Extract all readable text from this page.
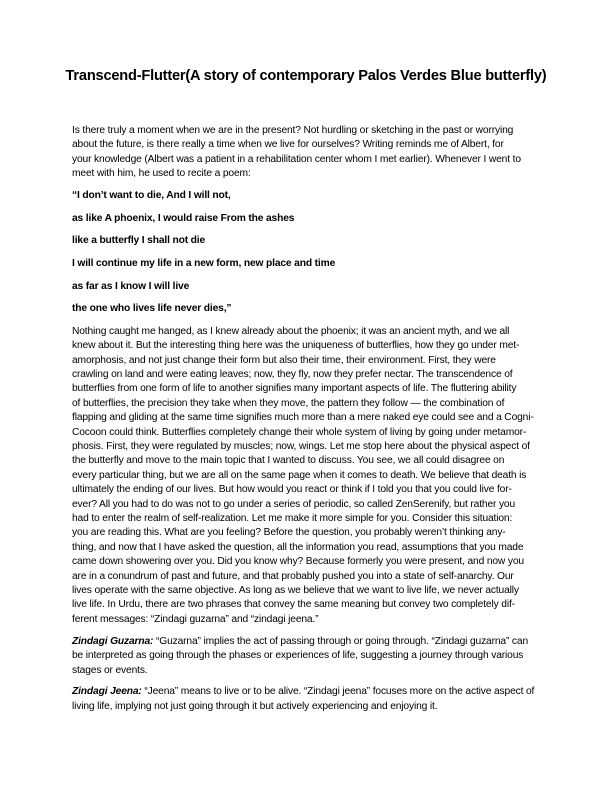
Transcend-Flutter(A story of contemporary Palos Verdes Blue butterfly)

Is there truly a moment when we are in the present? Not hurdling or sketching in the past or worrying
about the future, is there really a time when we live for ourselves? Writing reminds me of Albert, for
your knowledge (Albert was a patient in a rehabilitation center whom I met earlier). Whenever I went to
meet with him, he used to recite a poem:

“I don’t want to die, And I will not,

as like A phoenix, I would raise From the ashes

like a butterfly I shall not die

I will continue my life in a new form, new place and time

as far as I know I will live

the one who lives life never dies,”

Nothing caught me hanged, as I knew already about the phoenix; it was an ancient myth, and we all
knew about it. But the interesting thing here was the uniqueness of butterflies, how they go under met-
amorphosis, and not just change their form but also their time, their environment. First, they were
crawling on land and were eating leaves; now, they fly, now they prefer nectar. The transcendence of
butterflies from one form of life to another signifies many important aspects of life. The fluttering ability
of butterflies, the precision they take when they move, the pattern they follow — the combination of
flapping and gliding at the same time signifies much more than a mere naked eye could see and a Cogni-
Cocoon could think. Butterflies completely change their whole system of living by going under metamor-
phosis. First, they were regulated by muscles; now, wings. Let me stop here about the physical aspect of
the butterfly and move to the main topic that I wanted to discuss. You see, we all could disagree on
every particular thing, but we are all on the same page when it comes to death. We believe that death is
ultimately the ending of our lives. But how would you react or think if I told you that you could live for-
ever? All you had to do was not to go under a series of periodic, so called ZenSerenify, but rather you
had to enter the realm of self-realization. Let me make it more simple for you. Consider this situation:
you are reading this. What are you feeling? Before the question, you probably weren’t thinking any-
thing, and now that I have asked the question, all the information you read, assumptions that you made
came down showering over you. Did you know why? Because formerly you were present, and now you
are in a conundrum of past and future, and that probably pushed you into a state of self-anarchy. Our
lives operate with the same objective. As long as we believe that we want to live life, we never actually
live life. In Urdu, there are two phrases that convey the same meaning but convey two completely dif-
ferent messages: “Zindagi guzarna” and “zindagi jeena.”

Zindagi Guzarna: “Guzarna” implies the act of passing through or going through. “Zindagi guzarna” can
be interpreted as going through the phases or experiences of life, suggesting a journey through various
stages or events.

Zindagi Jeena: “Jeena” means to live or to be alive. “Zindagi jeena” focuses more on the active aspect of
living life, implying not just going through it but actively experiencing and enjoying it.
